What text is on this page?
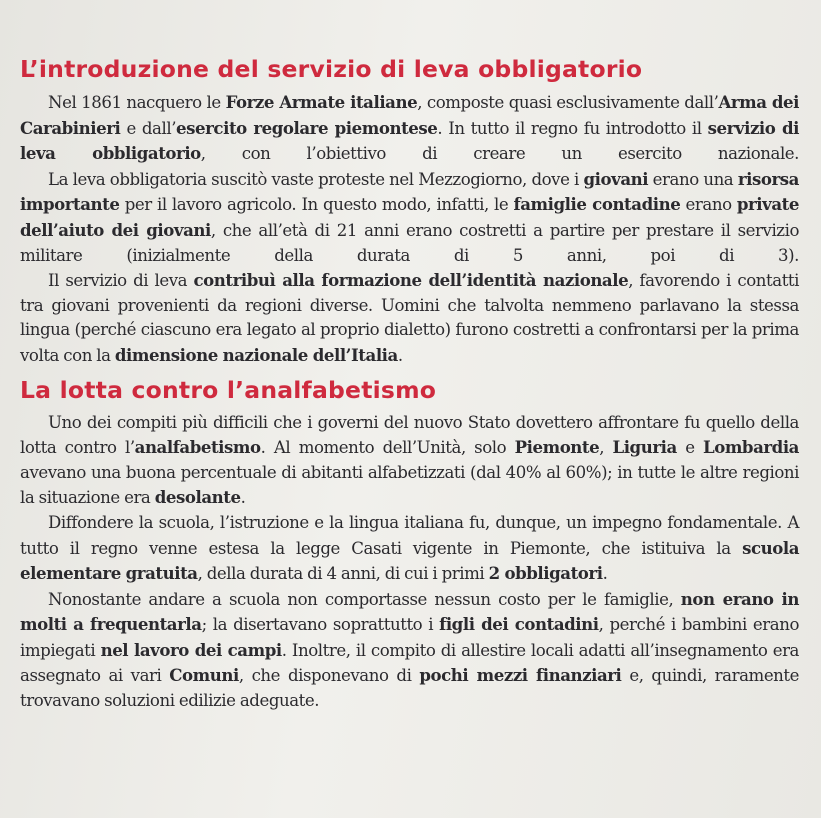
L’introduzione del servizio di leva obbligatorio

Nel 1861 nacquero le Forze Armate italiane, composte quasi esclusivamente dall’Arma dei Carabinieri e dall’esercito regolare piemontese. In tutto il regno fu introdotto il servizio di leva obbligatorio, con l’obiettivo di creare un esercito nazionale.

La leva obbligatoria suscitò vaste proteste nel Mezzogiorno, dove i giovani erano una risorsa importante per il lavoro agricolo. In questo modo, infatti, le famiglie contadine erano private dell’aiuto dei giovani, che all’età di 21 anni erano costretti a partire per prestare il servizio militare (inizialmente della durata di 5 anni, poi di 3).

Il servizio di leva contribuì alla formazione dell’identità nazionale, favorendo i contatti tra giovani provenienti da regioni diverse. Uomini che talvolta nemmeno parlavano la stessa lingua (perché ciascuno era legato al proprio dialetto) furono costretti a confrontarsi per la prima volta con la dimensione nazionale dell’Italia.

La lotta contro l’analfabetismo

Uno dei compiti più difficili che i governi del nuovo Stato dovettero affrontare fu quello della lotta contro l’analfabetismo. Al momento dell’Unità, solo Piemonte, Liguria e Lombardia avevano una buona percentuale di abitanti alfabetizzati (dal 40% al 60%); in tutte le altre regioni la situazione era desolante.

Diffondere la scuola, l’istruzione e la lingua italiana fu, dunque, un impegno fondamentale. A tutto il regno venne estesa la legge Casati vigente in Piemonte, che istituiva la scuola elementare gratuita, della durata di 4 anni, di cui i primi 2 obbligatori.

Nonostante andare a scuola non comportasse nessun costo per le famiglie, non erano in molti a frequentarla; la disertavano soprattutto i figli dei contadini, perché i bambini erano impiegati nel lavoro dei campi. Inoltre, il compito di allestire locali adatti all’insegnamento era assegnato ai vari Comuni, che disponevano di pochi mezzi finanziari e, quindi, raramente trovavano soluzioni edilizie adeguate.
